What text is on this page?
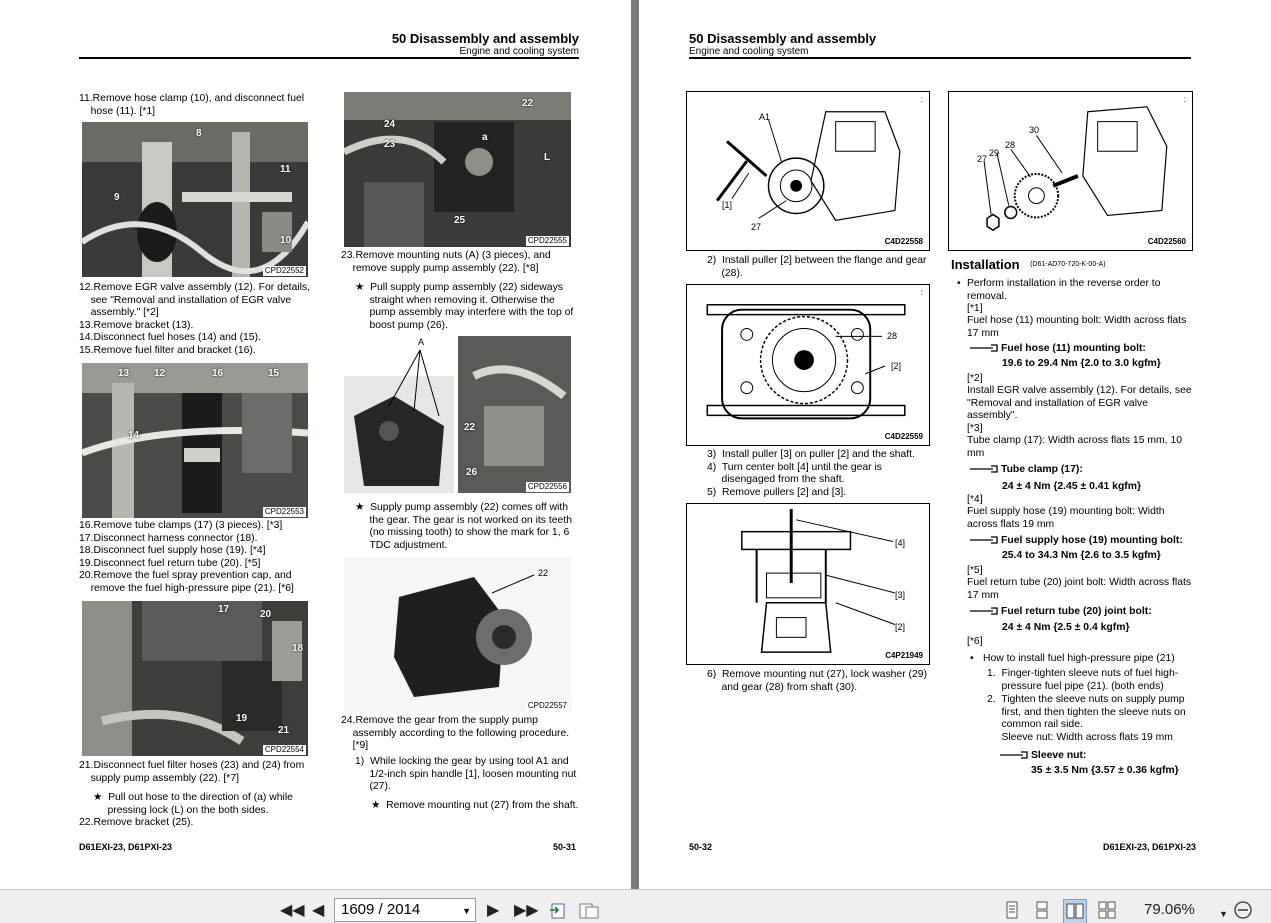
50 Disassembly and assembly
Engine and cooling system
11.Remove hose clamp (10), and disconnect fuel
hose (11). [*1]
8
9
11
10
CPD22552
12.Remove EGR valve assembly (12). For details,
see "Removal and installation of EGR valve
assembly." [*2]
13.Remove bracket (13).
14.Disconnect fuel hoses (14) and (15).
15.Remove fuel filter and bracket (16).
13 12	16	15
14
CPD22553
16.Remove tube clamps (17) (3 pieces). [*3]
17.Disconnect harness connector (18).
18.Disconnect fuel supply hose (19). [*4]
19.Disconnect fuel return tube (20). [*5]
20.Remove the fuel spray prevention cap, and
remove the fuel high-pressure pipe (21). [*6]
17	20
18
19
21
CPD22554
21.Disconnect fuel filter hoses (23) and (24) from
supply pump assembly (22). [*7]
★  Pull out hose to the direction of (a) while
pressing lock (L) on the both sides.
22.Remove bracket (25).
22
24
a
23
L
25
CPD22555
23.Remove mounting nuts (A) (3 pieces), and
remove supply pump assembly (22). [*8]
★  Pull supply pump assembly (22) sideways
straight when removing it. Otherwise the
pump assembly may interfere with the top of
boost pump (26).
A
22
26
CPD22556
★  Supply pump assembly (22) comes off with
the gear. The gear is not worked on its teeth
(no missing tooth) to show the mark for 1, 6
TDC adjustment.
22
CPD22557
24.Remove the gear from the supply pump
assembly according to the following procedure.
[*9]
1)  While locking the gear by using tool A1 and
1/2-inch spin handle [1], loosen mounting nut
(27).
★  Remove mounting nut (27) from the shaft.
D61EXI-23, D61PXI-23	50-31
50 Disassembly and assembly
Engine and cooling system
:
A1
[1]
27
C4D22558
2)  Install puller [2] between the flange and gear
(28).
:
28
[2]
C4D22559
3)  Install puller [3] on puller [2] and the shaft.
4)  Turn center bolt [4] until the gear is
disengaged from the shaft.
5)  Remove pullers [2] and [3].
[4]
[3]
[2]
C4P21949
6)  Remove mounting nut (27), lock washer (29)
and gear (28) from shaft (30).
:
27
29
28
30
C4D22560
Installation (D61-AD70-720-K-00-A)
• Perform installation in the reverse order to
removal.
[*1]
Fuel hose (11) mounting bolt: Width across flats
17 mm
Fuel hose (11) mounting bolt:
19.6 to 29.4 Nm {2.0 to 3.0 kgfm}
[*2]
Install EGR valve assembly (12). For details, see
"Removal and installation of EGR valve
assembly".
[*3]
Tube clamp (17): Width across flats 15 mm, 10
mm
Tube clamp (17):
24 ± 4 Nm {2.45 ± 0.41 kgfm}
[*4]
Fuel supply hose (19) mounting bolt: Width
across flats 19 mm
Fuel supply hose (19) mounting bolt:
25.4 to 34.3 Nm {2.6 to 3.5 kgfm}
[*5]
Fuel return tube (20) joint bolt: Width across flats
17 mm
Fuel return tube (20) joint bolt:
24 ± 4 Nm {2.5 ± 0.4 kgfm}
[*6]
• How to install fuel high-pressure pipe (21)
1.  Finger-tighten sleeve nuts of fuel high-
pressure fuel pipe (21). (both ends)
2.  Tighten the sleeve nuts on supply pump
first, and then tighten the sleeve nuts on
common rail side.
Sleeve nut: Width across flats 19 mm
Sleeve nut:
35 ± 3.5 Nm {3.57 ± 0.36 kgfm}
50-32	D61EXI-23, D61PXI-23
◀◀ ◀	1609 / 2014	▼ ▶ ▶▶	79.06%	▼
